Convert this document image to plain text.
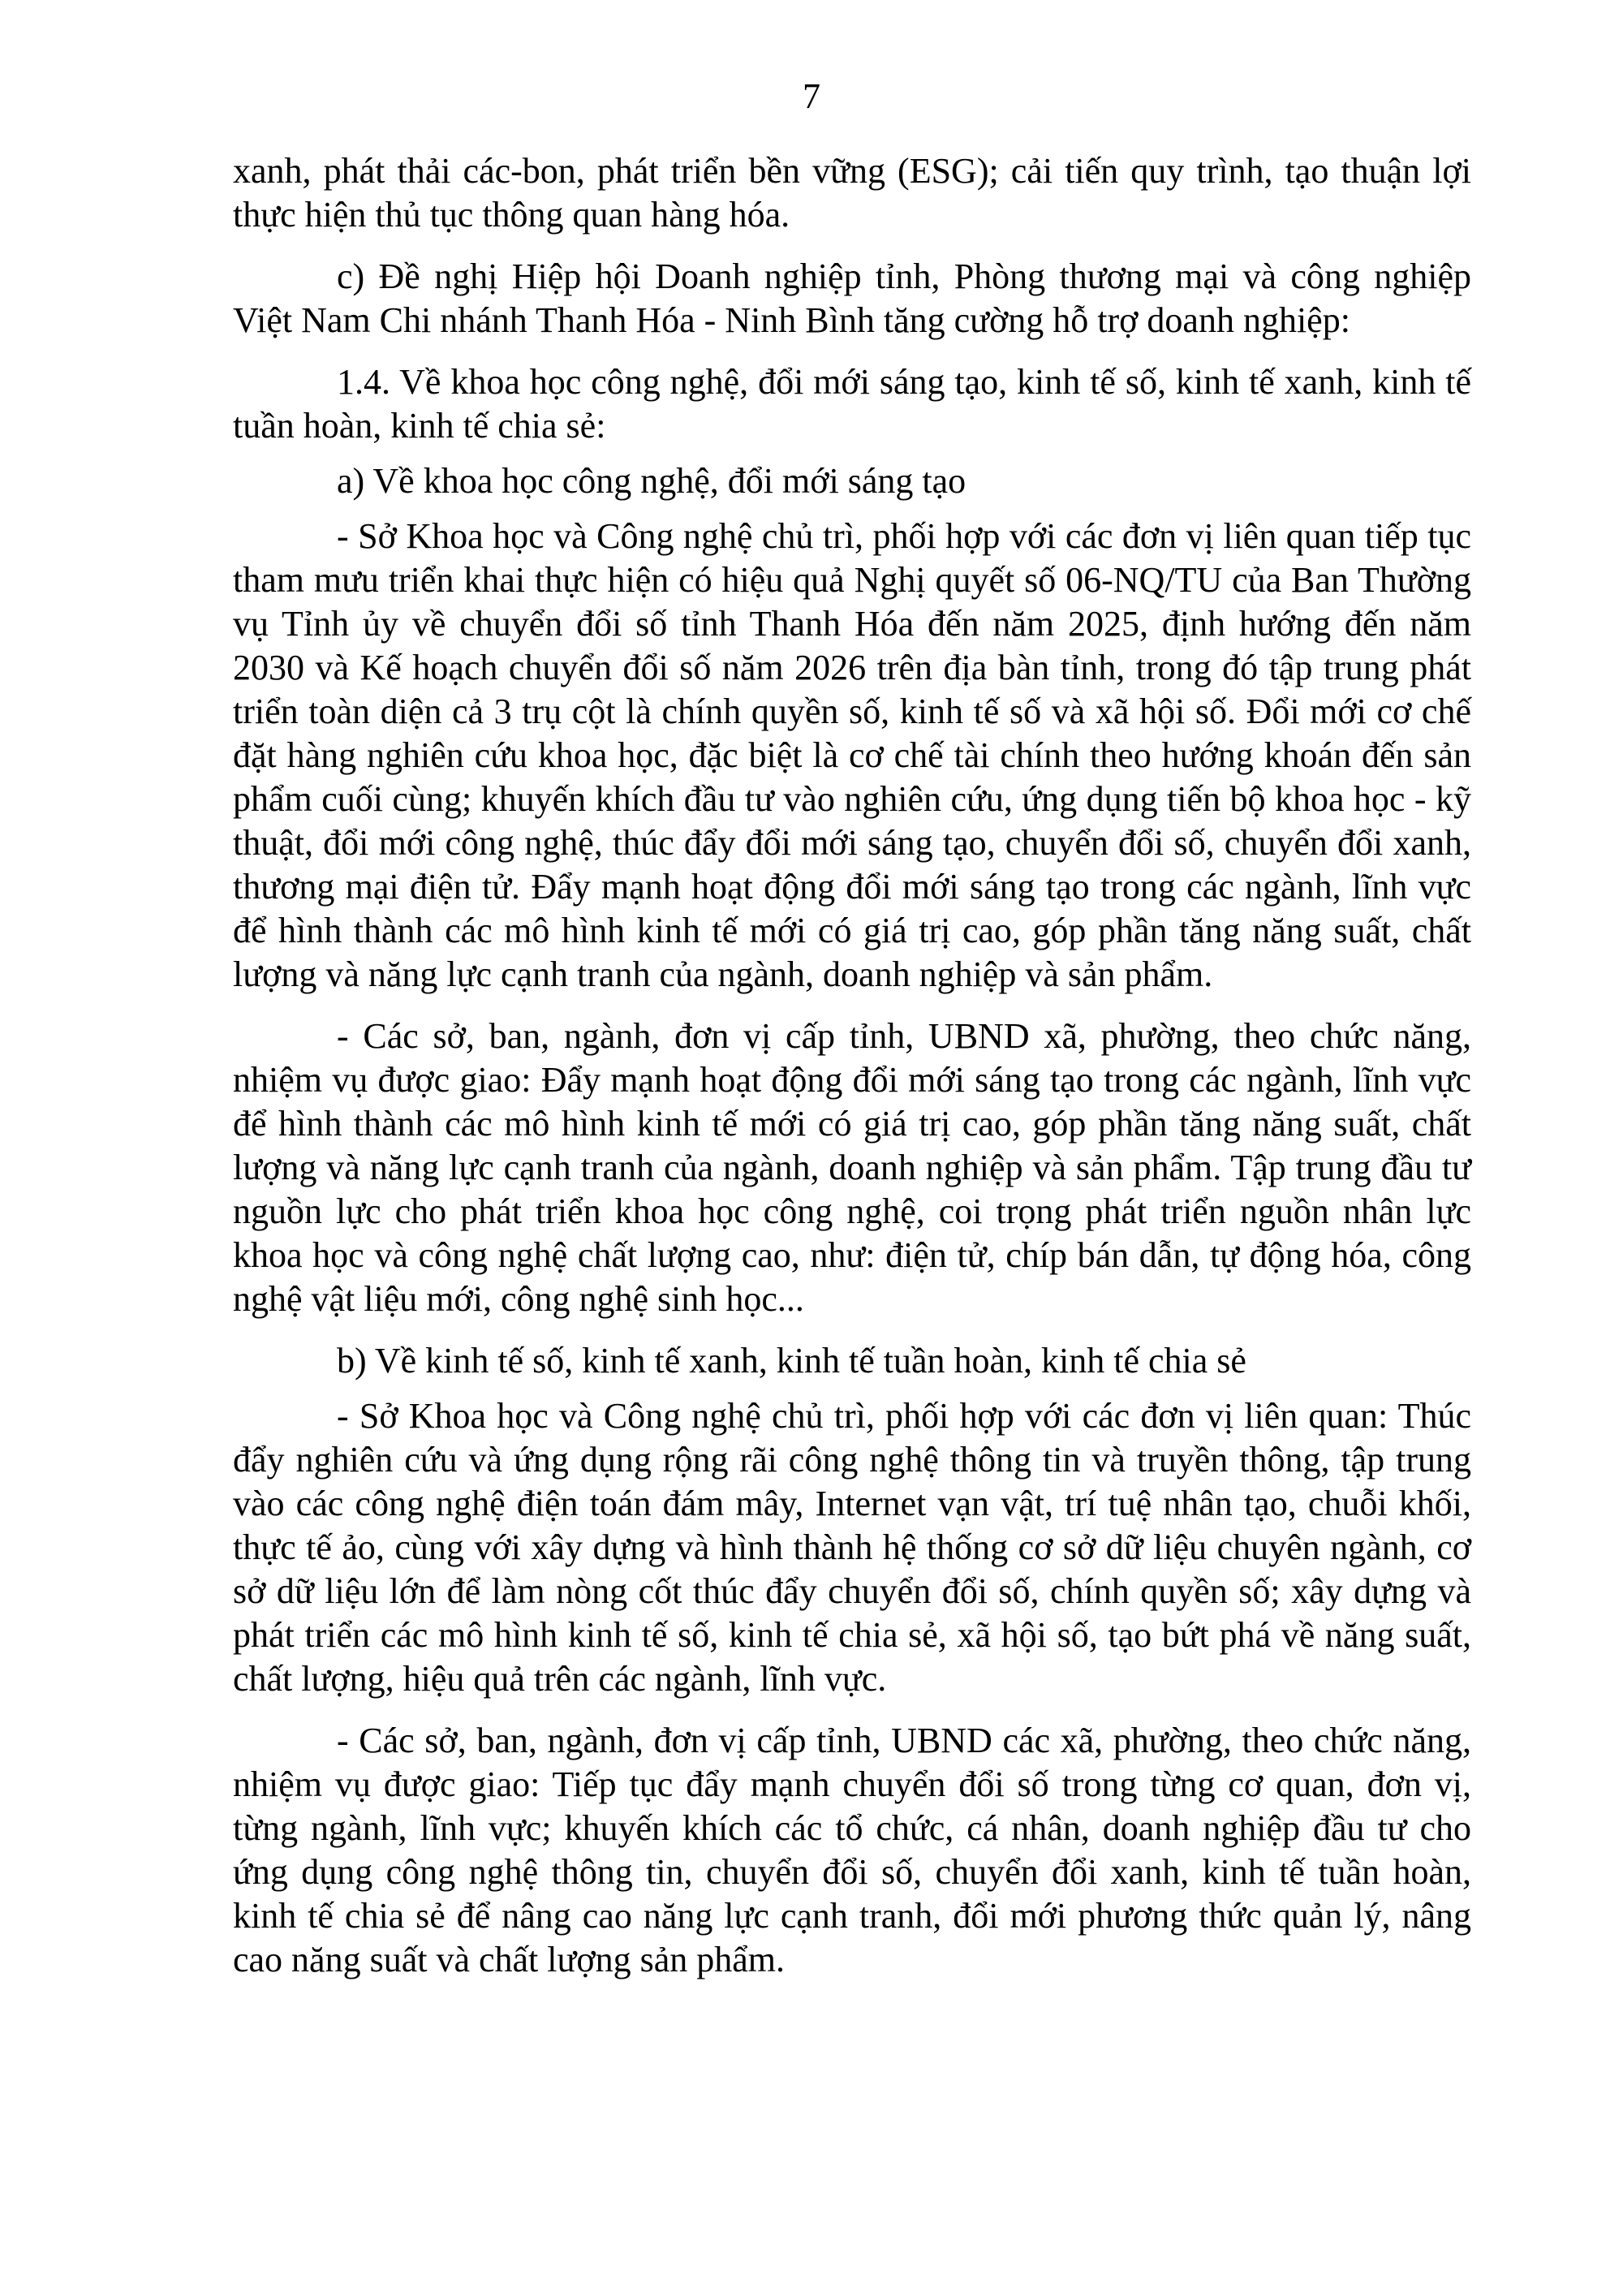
7

xanh, phát thải các-bon, phát triển bền vững (ESG); cải tiến quy trình, tạo thuận lợi thực hiện thủ tục thông quan hàng hóa.

c) Đề nghị Hiệp hội Doanh nghiệp tỉnh, Phòng thương mại và công nghiệp Việt Nam Chi nhánh Thanh Hóa - Ninh Bình tăng cường hỗ trợ doanh nghiệp:

1.4. Về khoa học công nghệ, đổi mới sáng tạo, kinh tế số, kinh tế xanh, kinh tế tuần hoàn, kinh tế chia sẻ:

a) Về khoa học công nghệ, đổi mới sáng tạo

- Sở Khoa học và Công nghệ chủ trì, phối hợp với các đơn vị liên quan tiếp tục tham mưu triển khai thực hiện có hiệu quả Nghị quyết số 06-NQ/TU của Ban Thường vụ Tỉnh ủy về chuyển đổi số tỉnh Thanh Hóa đến năm 2025, định hướng đến năm 2030 và Kế hoạch chuyển đổi số năm 2026 trên địa bàn tỉnh, trong đó tập trung phát triển toàn diện cả 3 trụ cột là chính quyền số, kinh tế số và xã hội số. Đổi mới cơ chế đặt hàng nghiên cứu khoa học, đặc biệt là cơ chế tài chính theo hướng khoán đến sản phẩm cuối cùng; khuyến khích đầu tư vào nghiên cứu, ứng dụng tiến bộ khoa học - kỹ thuật, đổi mới công nghệ, thúc đẩy đổi mới sáng tạo, chuyển đổi số, chuyển đổi xanh, thương mại điện tử. Đẩy mạnh hoạt động đổi mới sáng tạo trong các ngành, lĩnh vực để hình thành các mô hình kinh tế mới có giá trị cao, góp phần tăng năng suất, chất lượng và năng lực cạnh tranh của ngành, doanh nghiệp và sản phẩm.

- Các sở, ban, ngành, đơn vị cấp tỉnh, UBND xã, phường, theo chức năng, nhiệm vụ được giao: Đẩy mạnh hoạt động đổi mới sáng tạo trong các ngành, lĩnh vực để hình thành các mô hình kinh tế mới có giá trị cao, góp phần tăng năng suất, chất lượng và năng lực cạnh tranh của ngành, doanh nghiệp và sản phẩm. Tập trung đầu tư nguồn lực cho phát triển khoa học công nghệ, coi trọng phát triển nguồn nhân lực khoa học và công nghệ chất lượng cao, như: điện tử, chíp bán dẫn, tự động hóa, công nghệ vật liệu mới, công nghệ sinh học...

b) Về kinh tế số, kinh tế xanh, kinh tế tuần hoàn, kinh tế chia sẻ

- Sở Khoa học và Công nghệ chủ trì, phối hợp với các đơn vị liên quan: Thúc đẩy nghiên cứu và ứng dụng rộng rãi công nghệ thông tin và truyền thông, tập trung vào các công nghệ điện toán đám mây, Internet vạn vật, trí tuệ nhân tạo, chuỗi khối, thực tế ảo, cùng với xây dựng và hình thành hệ thống cơ sở dữ liệu chuyên ngành, cơ sở dữ liệu lớn để làm nòng cốt thúc đẩy chuyển đổi số, chính quyền số; xây dựng và phát triển các mô hình kinh tế số, kinh tế chia sẻ, xã hội số, tạo bứt phá về năng suất, chất lượng, hiệu quả trên các ngành, lĩnh vực.

- Các sở, ban, ngành, đơn vị cấp tỉnh, UBND các xã, phường, theo chức năng, nhiệm vụ được giao: Tiếp tục đẩy mạnh chuyển đổi số trong từng cơ quan, đơn vị, từng ngành, lĩnh vực; khuyến khích các tổ chức, cá nhân, doanh nghiệp đầu tư cho ứng dụng công nghệ thông tin, chuyển đổi số, chuyển đổi xanh, kinh tế tuần hoàn, kinh tế chia sẻ để nâng cao năng lực cạnh tranh, đổi mới phương thức quản lý, nâng cao năng suất và chất lượng sản phẩm.
